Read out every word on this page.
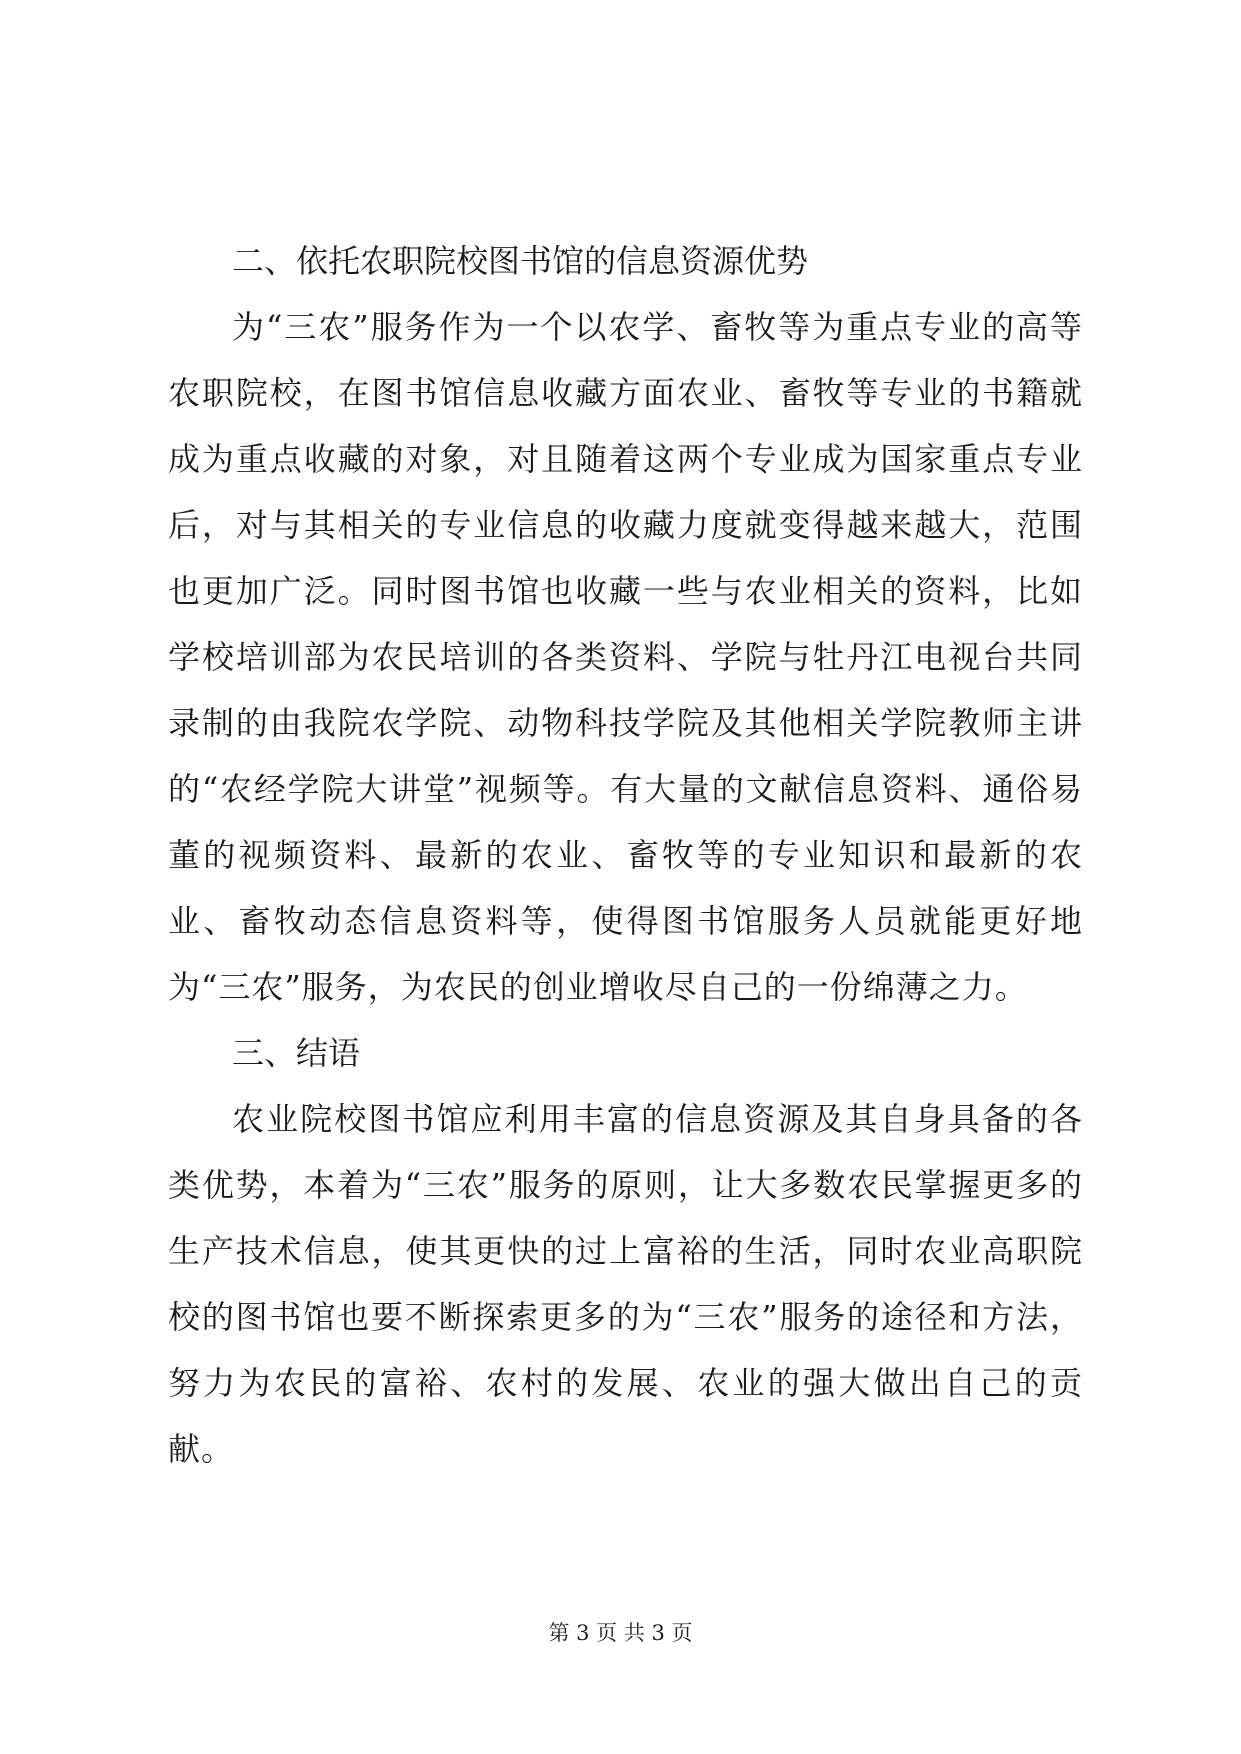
二、依托农职院校图书馆的信息资源优势

为“三农”服务作为一个以农学、畜牧等为重点专业的高等农职院校，在图书馆信息收藏方面农业、畜牧等专业的书籍就成为重点收藏的对象，对且随着这两个专业成为国家重点专业后，对与其相关的专业信息的收藏力度就变得越来越大，范围也更加广泛。同时图书馆也收藏一些与农业相关的资料，比如学校培训部为农民培训的各类资料、学院与牡丹江电视台共同录制的由我院农学院、动物科技学院及其他相关学院教师主讲的“农经学院大讲堂”视频等。有大量的文献信息资料、通俗易董的视频资料、最新的农业、畜牧等的专业知识和最新的农业、畜牧动态信息资料等，使得图书馆服务人员就能更好地为“三农”服务，为农民的创业增收尽自己的一份绵薄之力。

三、结语

农业院校图书馆应利用丰富的信息资源及其自身具备的各类优势，本着为“三农”服务的原则，让大多数农民掌握更多的生产技术信息，使其更快的过上富裕的生活，同时农业高职院校的图书馆也要不断探索更多的为“三农”服务的途径和方法，努力为农民的富裕、农村的发展、农业的强大做出自己的贡献。

第 3 页 共 3 页
